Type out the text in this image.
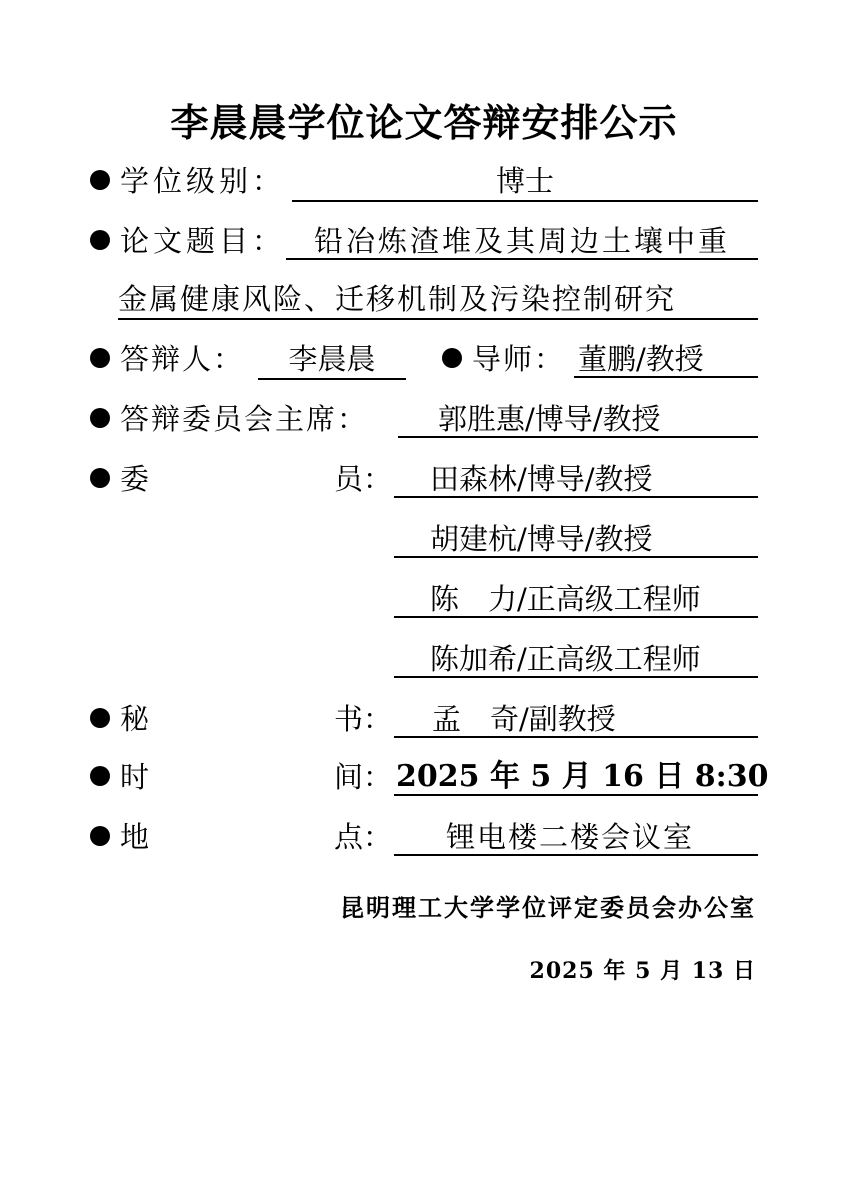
李晨晨学位论文答辩安排公示
学位级别：	博士
论文题目： 铅冶炼渣堆及其周边土壤中重
金属健康风险、迁移机制及污染控制研究
答辩人：	李晨晨	导师： 董鹏/教授
答辩委员会主席：	郭胜惠/博导/教授
委	员：	田森林/博导/教授
胡建杭/博导/教授
陈　力/正高级工程师
陈加希/正高级工程师
秘	书：	孟　奇/副教授
时	间： 2025 年 5 月 16 日 8:30
地	点：	锂电楼二楼会议室
昆明理工大学学位评定委员会办公室
2025 年 5 月 13 日
